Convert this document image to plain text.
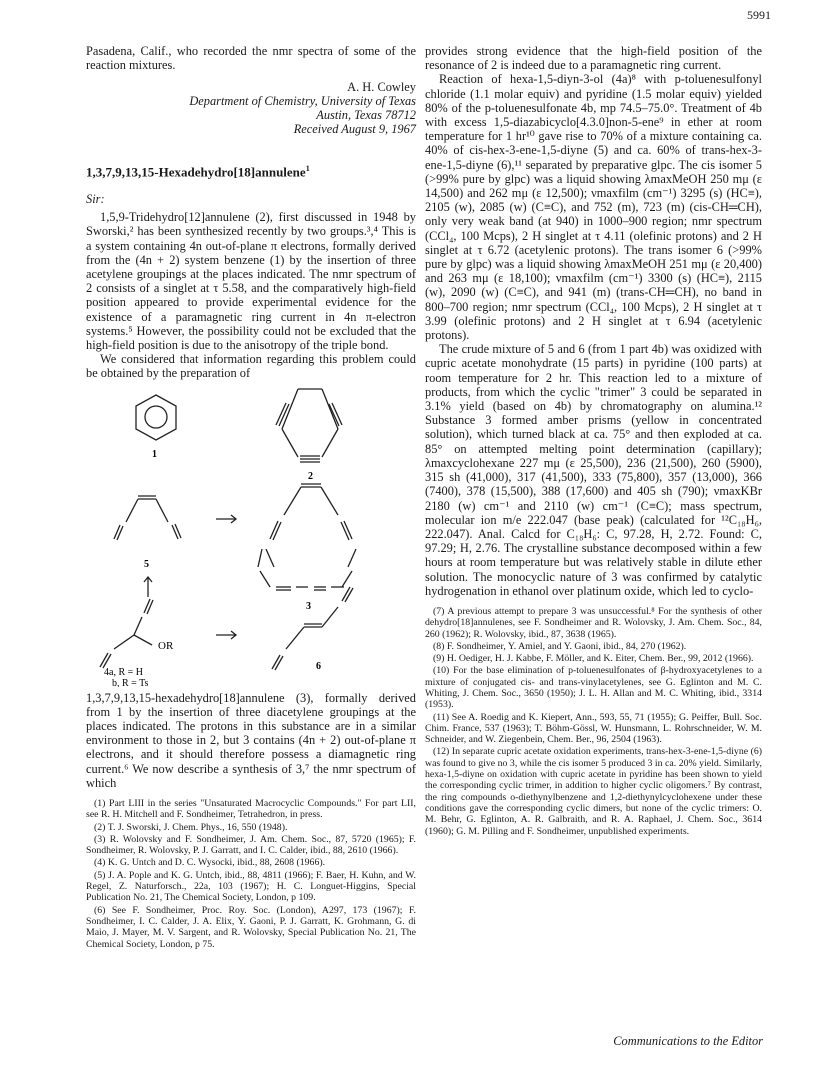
5991

Pasadena, Calif., who recorded the nmr spectra of some of the reaction mixtures.

A. H. Cowley
Department of Chemistry, University of Texas
Austin, Texas 78712
Received August 9, 1967
1,3,7,9,13,15-Hexadehydro[18]annulene$^1$
Sir:

1,5,9-Tridehydro[12]annulene (2), first discussed in 1948 by Sworski,² has been synthesized recently by two groups.³,⁴ This is a system containing 4n out-of-plane π electrons, formally derived from the (4n + 2) system benzene (1) by the insertion of three acetylene groupings at the places indicated. The nmr spectrum of 2 consists of a singlet at τ 5.58, and the comparatively high-field position appeared to provide experimental evidence for the existence of a paramagnetic ring current in 4n π-electron systems.⁵ However, the possibility could not be excluded that the high-field position is due to the anisotropy of the triple bond.

We considered that information regarding this problem could be obtained by the preparation of

1
2
5
3
OR
6
4a, R = H
b, R = Ts

1,3,7,9,13,15-hexadehydro[18]annulene (3), formally derived from 1 by the insertion of three diacetylene groupings at the places indicated. The protons in this substance are in a similar environment to those in 2, but 3 contains (4n + 2) out-of-plane π electrons, and it should therefore possess a diamagnetic ring current.⁶ We now describe a synthesis of 3,⁷ the nmr spectrum of which

(1) Part LIII in the series "Unsaturated Macrocyclic Compounds." For part LII, see R. H. Mitchell and F. Sondheimer, Tetrahedron, in press.

(2) T. J. Sworski, J. Chem. Phys., 16, 550 (1948).

(3) R. Wolovsky and F. Sondheimer, J. Am. Chem. Soc., 87, 5720 (1965); F. Sondheimer, R. Wolovsky, P. J. Garratt, and I. C. Calder, ibid., 88, 2610 (1966).

(4) K. G. Untch and D. C. Wysocki, ibid., 88, 2608 (1966).

(5) J. A. Pople and K. G. Untch, ibid., 88, 4811 (1966); F. Baer, H. Kuhn, and W. Regel, Z. Naturforsch., 22a, 103 (1967); H. C. Longuet-Higgins, Special Publication No. 21, The Chemical Society, London, p 109.

(6) See F. Sondheimer, Proc. Roy. Soc. (London), A297, 173 (1967); F. Sondheimer, I. C. Calder, J. A. Elix, Y. Gaoni, P. J. Garratt, K. Grohmann, G. di Maio, J. Mayer, M. V. Sargent, and R. Wolovsky, Special Publication No. 21, The Chemical Society, London, p 75.

provides strong evidence that the high-field position of the resonance of 2 is indeed due to a paramagnetic ring current.

Reaction of hexa-1,5-diyn-3-ol (4a)⁸ with p-toluenesulfonyl chloride (1.1 molar equiv) and pyridine (1.5 molar equiv) yielded 80% of the p-toluenesulfonate 4b, mp 74.5–75.0°. Treatment of 4b with excess 1,5-diazabicyclo[4.3.0]non-5-ene⁹ in ether at room temperature for 1 hr¹⁰ gave rise to 70% of a mixture containing ca. 40% of cis-hex-3-ene-1,5-diyne (5) and ca. 60% of trans-hex-3-ene-1,5-diyne (6),¹¹ separated by preparative glpc. The cis isomer 5 (>99% pure by glpc) was a liquid showing λmaxMeOH 250 mμ (ε 14,500) and 262 mμ (ε 12,500); νmaxfilm (cm⁻¹) 3295 (s) (HC≡), 2105 (w), 2085 (w) (C≡C), and 752 (m), 723 (m) (cis-CH═CH), only very weak band (at 940) in 1000–900 region; nmr spectrum (CCl₄, 100 Mcps), 2 H singlet at τ 4.11 (olefinic protons) and 2 H singlet at τ 6.72 (acetylenic protons). The trans isomer 6 (>99% pure by glpc) was a liquid showing λmaxMeOH 251 mμ (ε 20,400) and 263 mμ (ε 18,100); νmaxfilm (cm⁻¹) 3300 (s) (HC≡), 2115 (w), 2090 (w) (C≡C), and 941 (m) (trans-CH═CH), no band in 800–700 region; nmr spectrum (CCl₄, 100 Mcps), 2 H singlet at τ 3.99 (olefinic protons) and 2 H singlet at τ 6.94 (acetylenic protons).

The crude mixture of 5 and 6 (from 1 part 4b) was oxidized with cupric acetate monohydrate (15 parts) in pyridine (100 parts) at room temperature for 2 hr. This reaction led to a mixture of products, from which the cyclic "trimer" 3 could be separated in 3.1% yield (based on 4b) by chromatography on alumina.¹² Substance 3 formed amber prisms (yellow in concentrated solution), which turned black at ca. 75° and then exploded at ca. 85° on attempted melting point determination (capillary); λmaxcyclohexane 227 mμ (ε 25,500), 236 (21,500), 260 (5900), 315 sh (41,000), 317 (41,500), 333 (75,800), 357 (13,000), 366 (7400), 378 (15,500), 388 (17,600) and 405 sh (790); νmaxKBr 2180 (w) cm⁻¹ and 2110 (w) cm⁻¹ (C≡C); mass spectrum, molecular ion m/e 222.047 (base peak) (calculated for ¹²C₁₈H₆, 222.047). Anal. Calcd for C₁₈H₆: C, 97.28, H, 2.72. Found: C, 97.29; H, 2.76. The crystalline substance decomposed within a few hours at room temperature but was relatively stable in dilute ether solution. The monocyclic nature of 3 was confirmed by catalytic hydrogenation in ethanol over platinum oxide, which led to cyclo-

(7) A previous attempt to prepare 3 was unsuccessful.⁸ For the synthesis of other dehydro[18]annulenes, see F. Sondheimer and R. Wolovsky, J. Am. Chem. Soc., 84, 260 (1962); R. Wolovsky, ibid., 87, 3638 (1965).

(8) F. Sondheimer, Y. Amiel, and Y. Gaoni, ibid., 84, 270 (1962).

(9) H. Oediger, H. J. Kabbe, F. Möller, and K. Eiter, Chem. Ber., 99, 2012 (1966).

(10) For the base elimination of p-toluenesulfonates of β-hydroxyacetylenes to a mixture of conjugated cis- and trans-vinylacetylenes, see G. Eglinton and M. C. Whiting, J. Chem. Soc., 3650 (1950); J. L. H. Allan and M. C. Whiting, ibid., 3314 (1953).

(11) See A. Roedig and K. Kiepert, Ann., 593, 55, 71 (1955); G. Peiffer, Bull. Soc. Chim. France, 537 (1963); T. Böhm-Gössl, W. Hunsmann, L. Rohrschneider, W. M. Schneider, and W. Ziegenbein, Chem. Ber., 96, 2504 (1963).

(12) In separate cupric acetate oxidation experiments, trans-hex-3-ene-1,5-diyne (6) was found to give no 3, while the cis isomer 5 produced 3 in ca. 20% yield. Similarly, hexa-1,5-diyne on oxidation with cupric acetate in pyridine has been shown to yield the corresponding cyclic trimer, in addition to higher cyclic oligomers.⁷ By contrast, the ring compounds o-diethynylbenzene and 1,2-diethynylcyclohexene under these conditions gave the corresponding cyclic dimers, but none of the cyclic trimers: O. M. Behr, G. Eglinton, A. R. Galbraith, and R. A. Raphael, J. Chem. Soc., 3614 (1960); G. M. Pilling and F. Sondheimer, unpublished experiments.

Communications to the Editor
